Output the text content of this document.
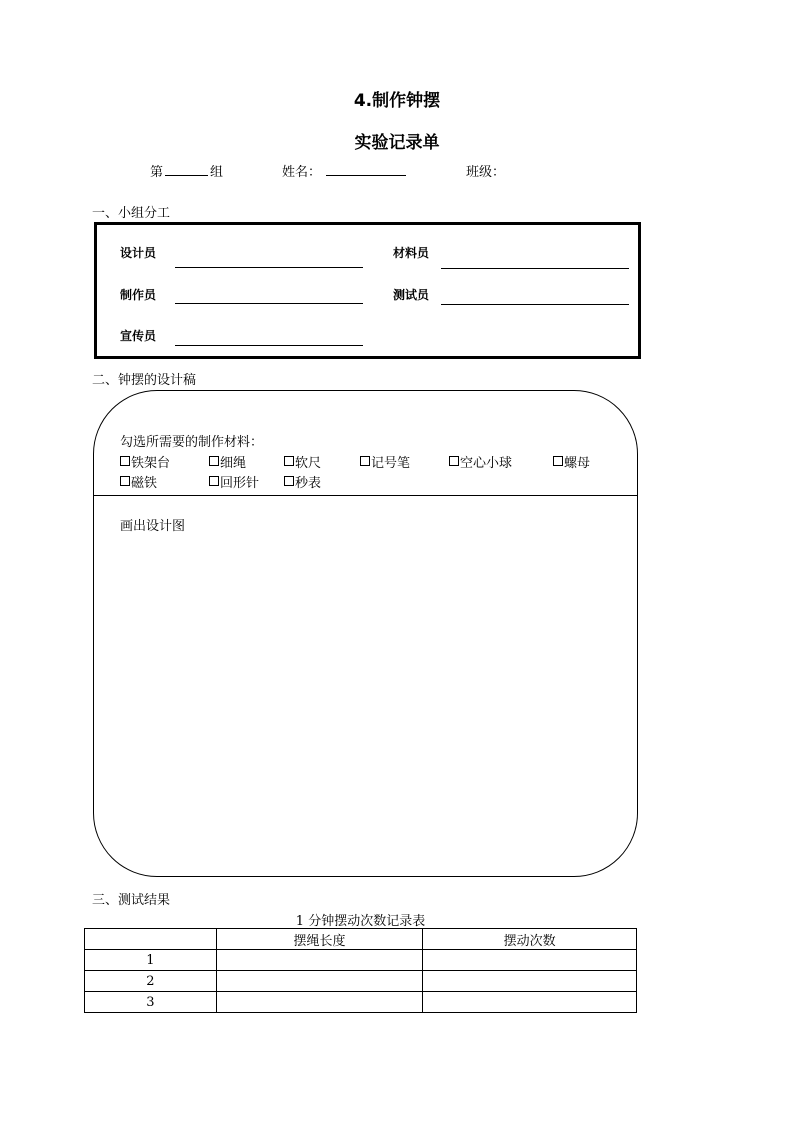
4.制作钟摆
实验记录单
第	组	姓名：	班级：
一、小组分工
设计员	材料员
制作员	测试员
宣传员
二、钟摆的设计稿
勾选所需要的制作材料：
铁架台	细绳	软尺	记号笔	空心小球	螺母
磁铁	回形针	秒表
画出设计图
三、测试结果
1 分钟摆动次数记录表
	摆绳长度	摆动次数
1		
2		
3		
